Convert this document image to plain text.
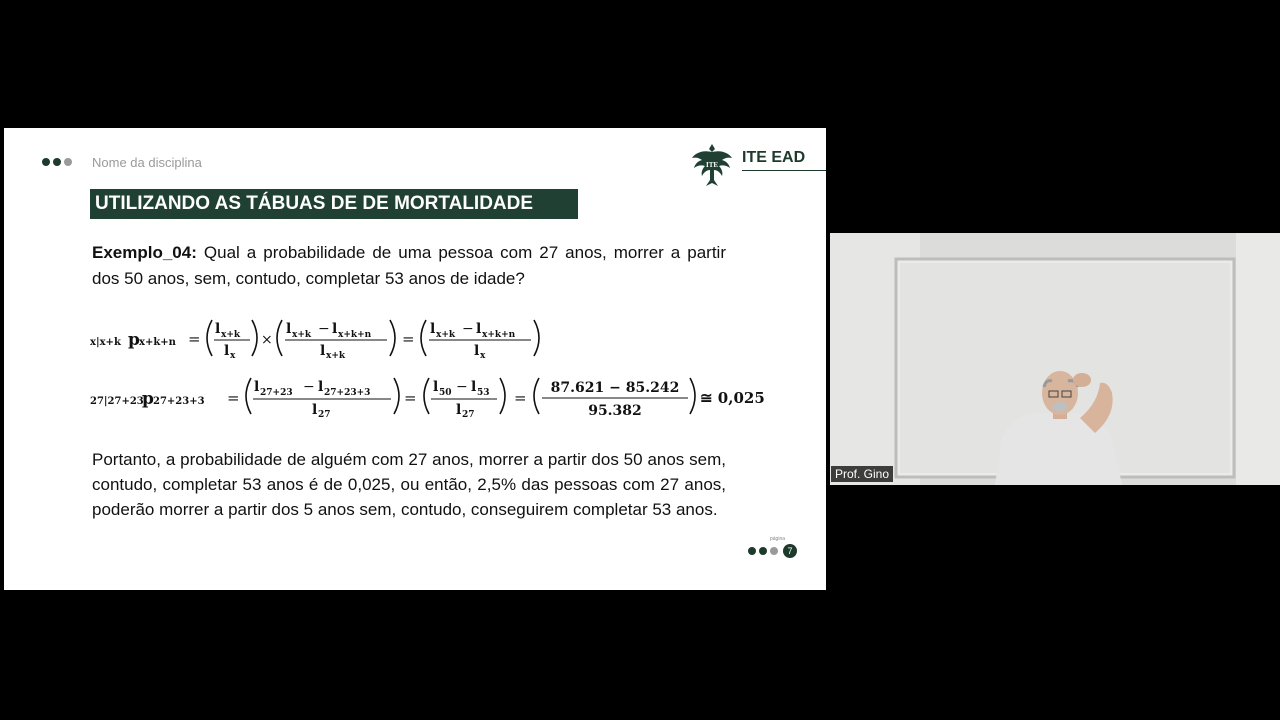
Nome da disciplina	ITE ITE EAD
UTILIZANDO AS TÁBUAS DE DE MORTALIDADE
Exemplo_04: Qual a probabilidade de uma pessoa com 27 anos, morrer a partir dos 50 anos, sem, contudo, completar 53 anos de idade?
x|x+k p x+k+n =
l x+k
l x
×
l x+k − l x+k+n
l x+k
=
l x+k − l x+k+n
l x
27|27+23
p 27+23+3 =
l 27+23 − l 27+23+3
l 27
=
l 50 − l 53
l 27
=
87.621 − 85.242
95.382
≅ 0,025
Portanto, a probabilidade de alguém com 27 anos, morrer a partir dos 50 anos sem, contudo, completar 53 anos é de 0,025, ou então, 2,5% das pessoas com 27 anos, poderão morrer a partir dos 5 anos sem, contudo, conseguirem completar 53 anos.
página
7
Prof. Gino
